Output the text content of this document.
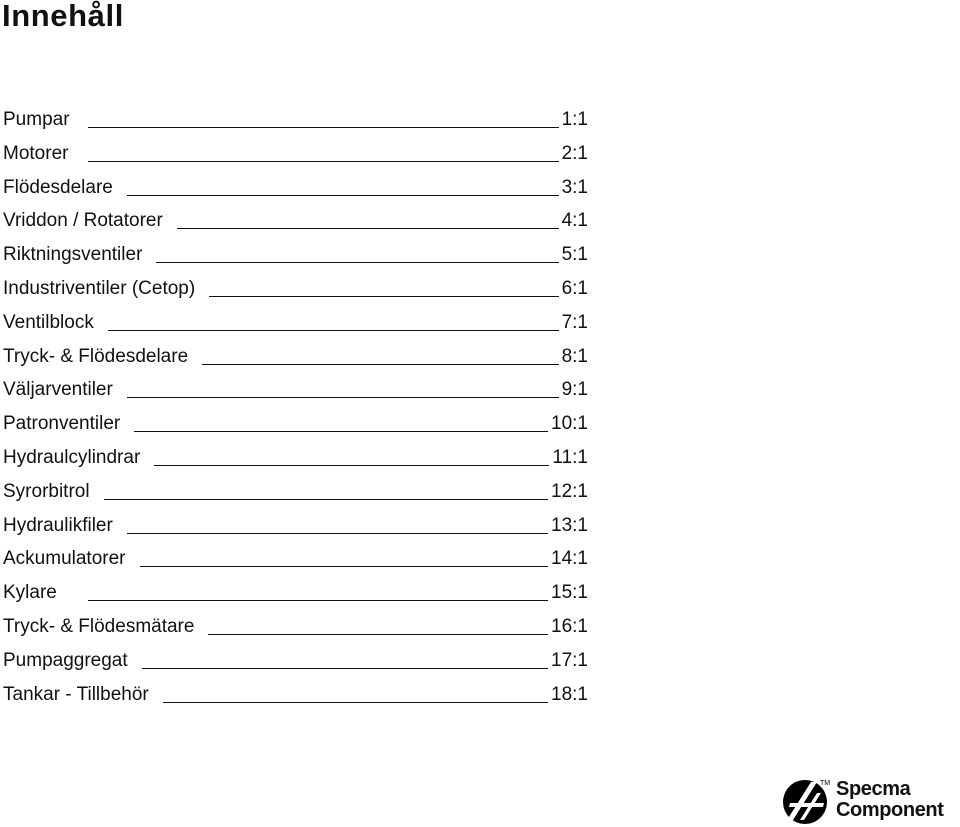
Innehåll
Pumpar	1:1
Motorer	2:1
Flödesdelare	3:1
Vriddon / Rotatorer	4:1
Riktningsventiler	5:1
Industriventiler (Cetop)	6:1
Ventilblock	7:1
Tryck- & Flödesdelare	8:1
Väljarventiler	9:1
Patronventiler	10:1
Hydraulcylindrar	11:1
Syrorbitrol	12:1
Hydraulikfiler	13:1
Ackumulatorer	14:1
Kylare	15:1
Tryck- & Flödesmätare	16:1
Pumpaggregat	17:1
Tankar - Tillbehör	18:1
TM Specma
Component
